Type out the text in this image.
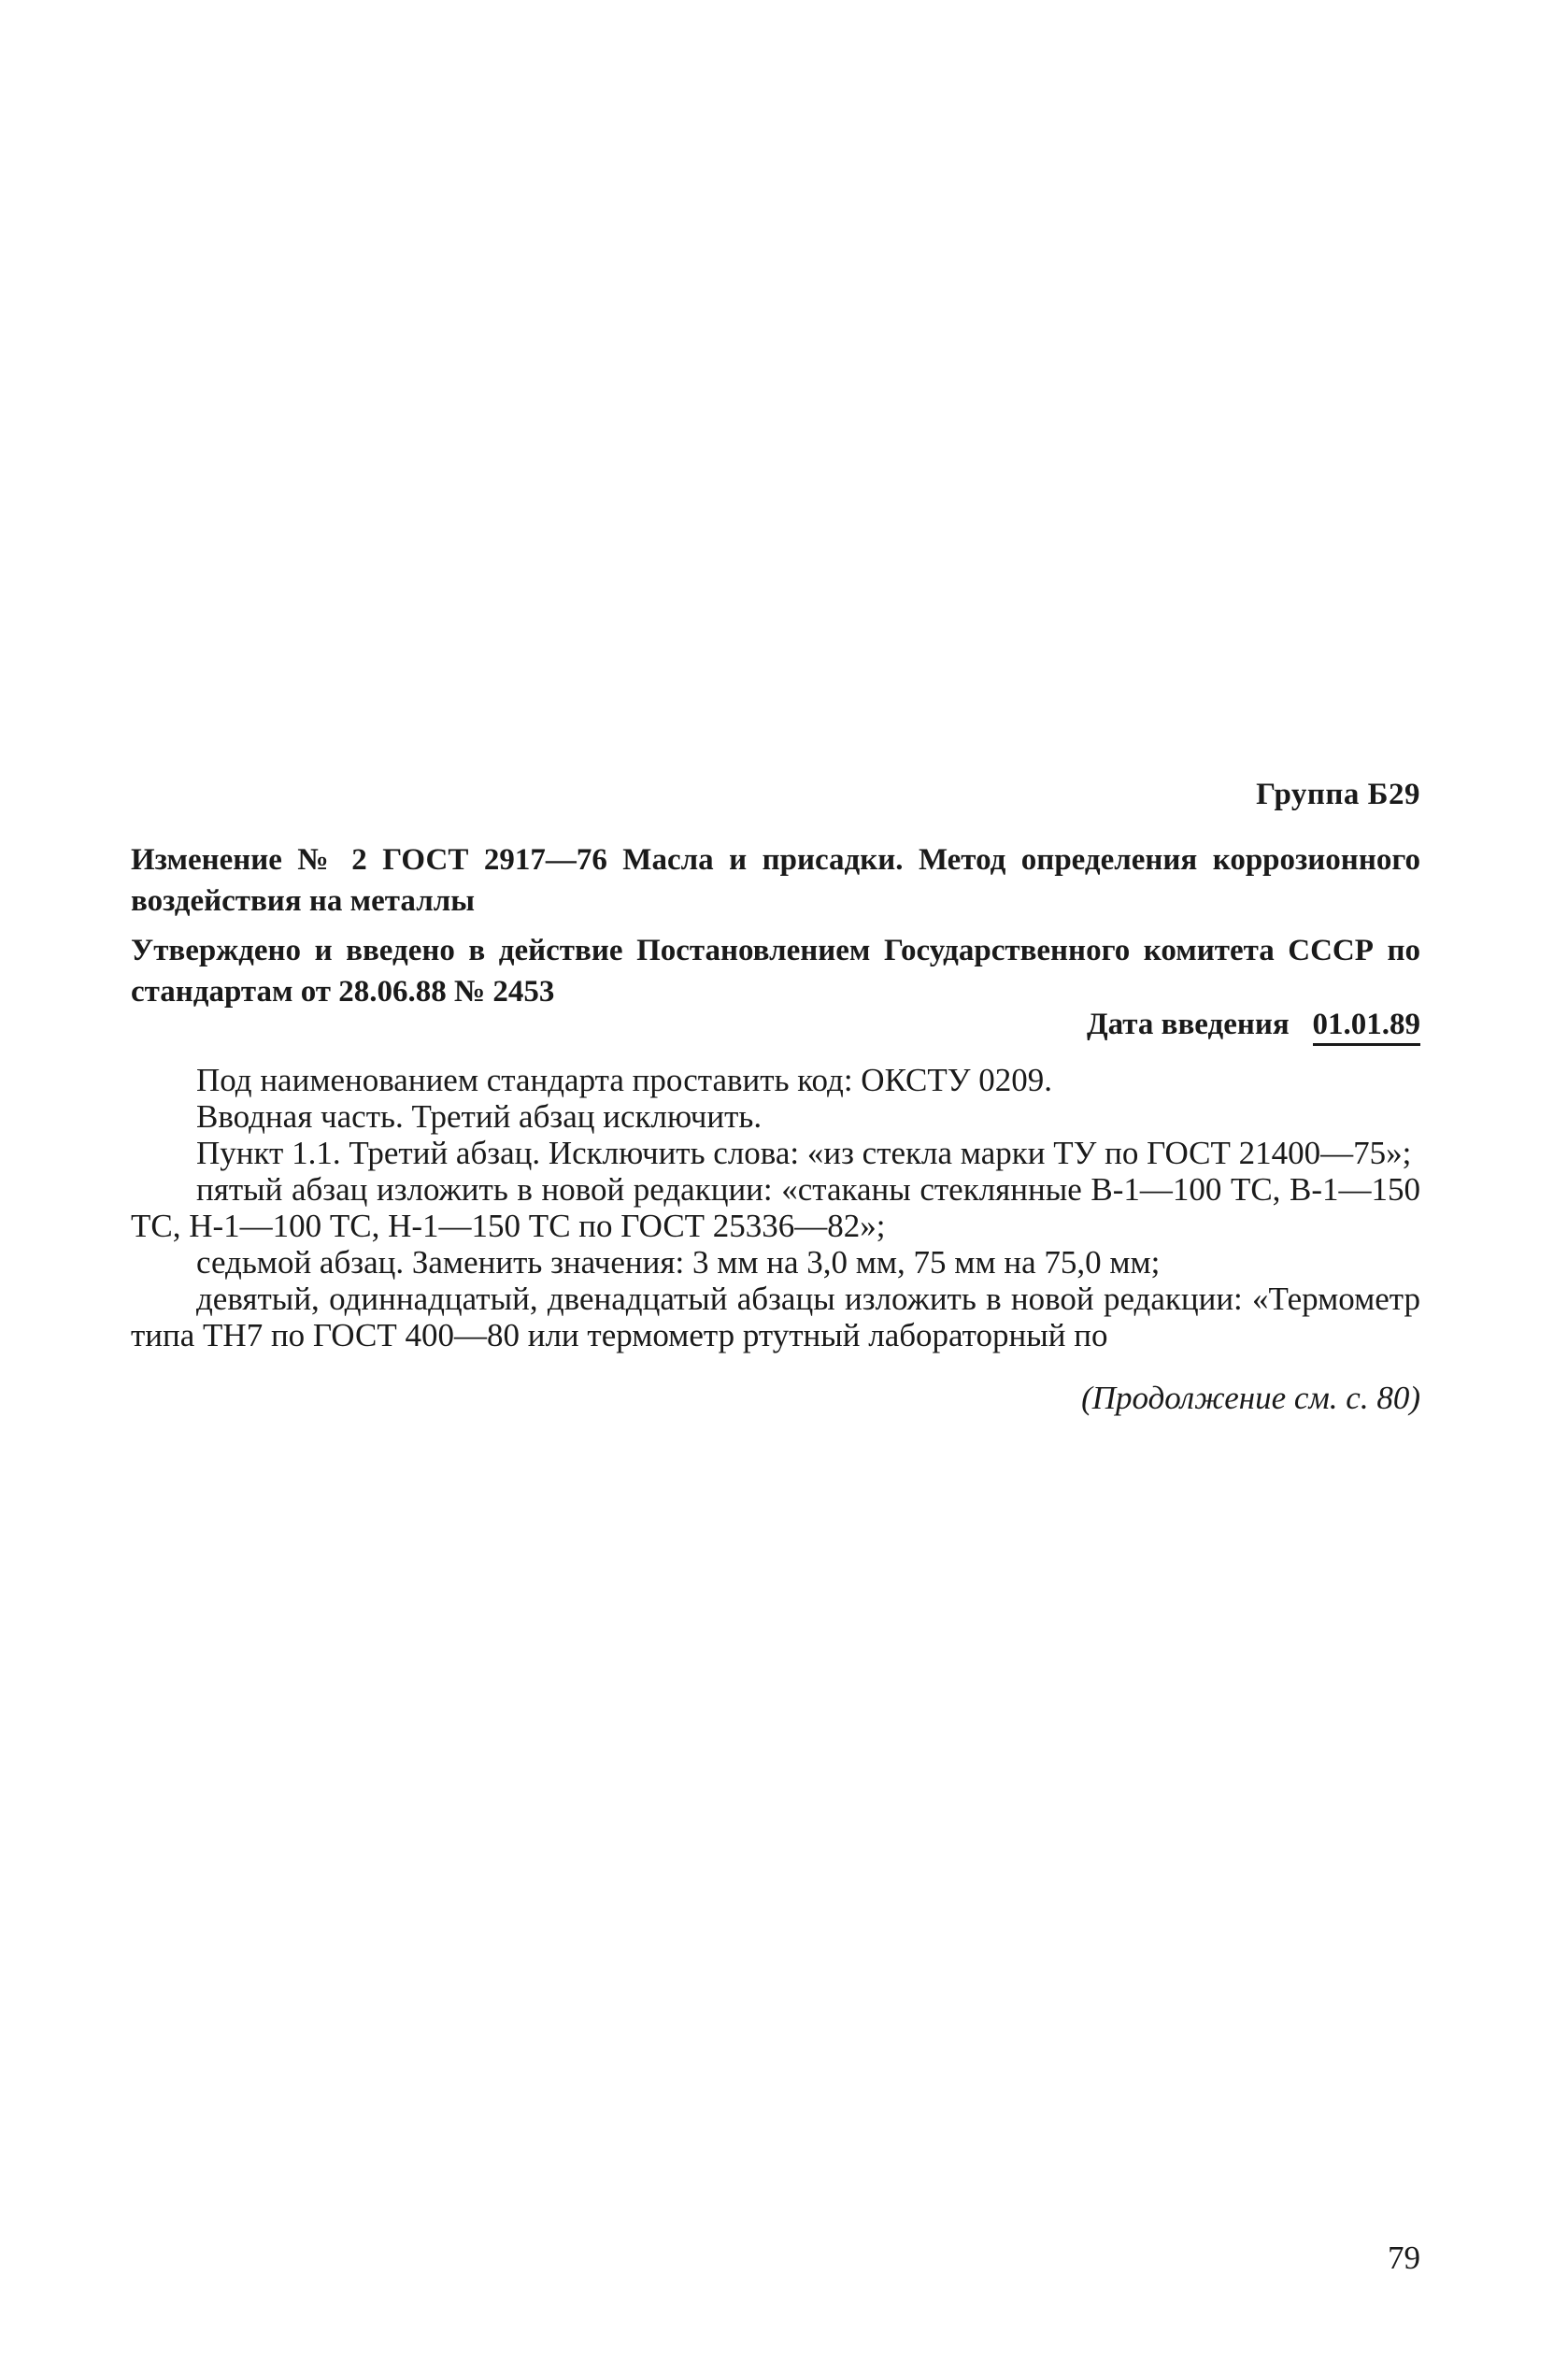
Группа Б29
Изменение № 2 ГОСТ 2917—76 Масла и присадки. Метод определения коррозионного воздействия на металлы
Утверждено и введено в действие Постановлением Государственного комитета СССР по стандартам от 28.06.88 № 2453
Дата введения 01.01.89

Под наименованием стандарта проставить код: ОКСТУ 0209.

Вводная часть. Третий абзац исключить.

Пункт 1.1. Третий абзац. Исключить слова: «из стекла марки ТУ по ГОСТ 21400—75»;

пятый абзац изложить в новой редакции: «стаканы стеклянные В-1—100 ТС, В-1—150 ТС, Н-1—100 ТС, Н-1—150 ТС по ГОСТ 25336—82»;

седьмой абзац. Заменить значения: 3 мм на 3,0 мм, 75 мм на 75,0 мм;

девятый, одиннадцатый, двенадцатый абзацы изложить в новой редакции: «Термометр типа ТН7 по ГОСТ 400—80 или термометр ртутный лабораторный по

(Продолжение см. с. 80)
79
